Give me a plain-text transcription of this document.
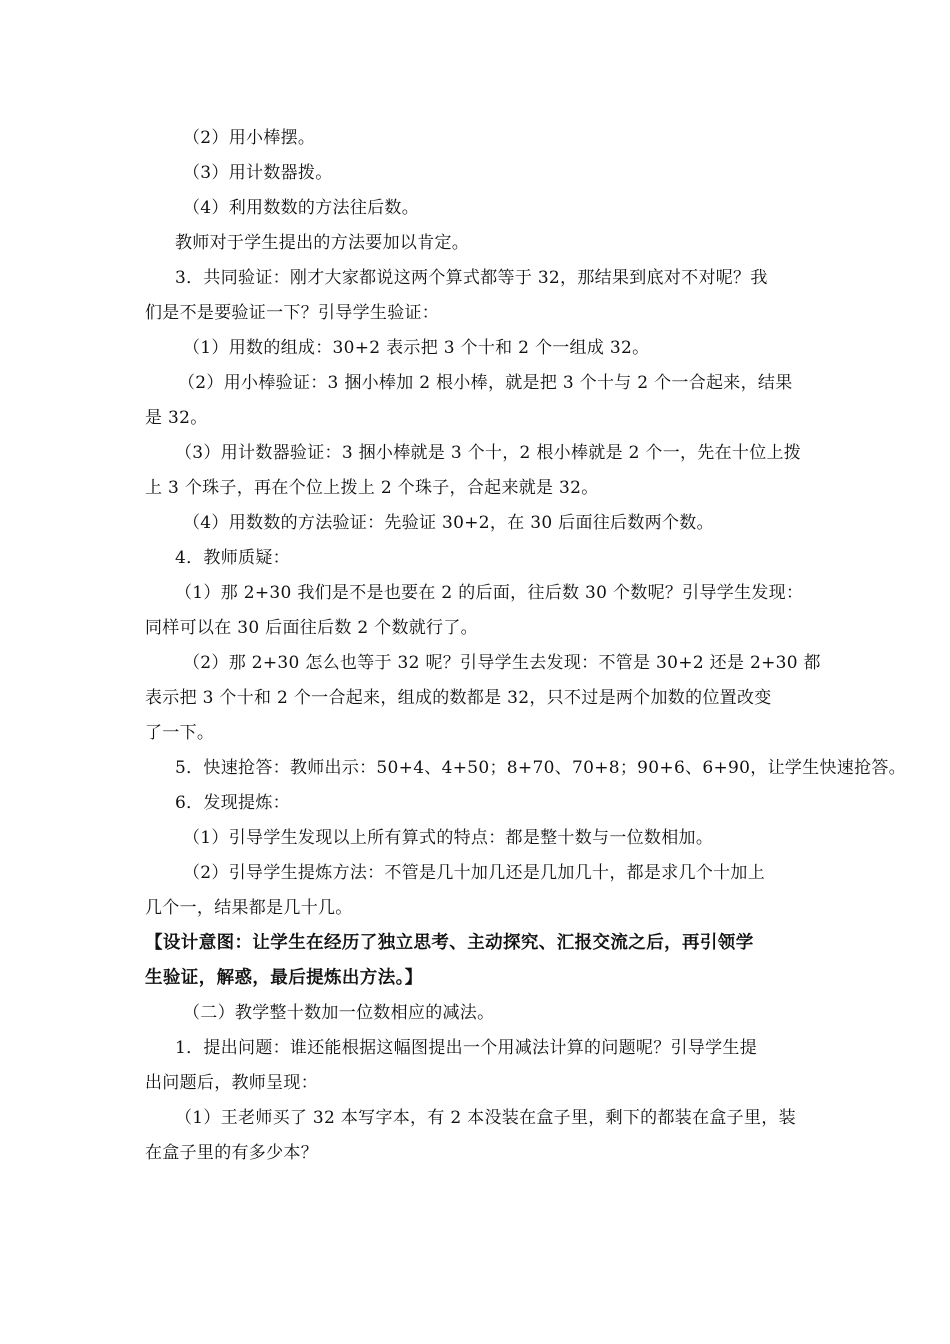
（2）用小棒摆。

（3）用计数器拨。

（4）利用数数的方法往后数。

教师对于学生提出的方法要加以肯定。

3．共同验证：刚才大家都说这两个算式都等于 32，那结果到底对不对呢？我

们是不是要验证一下？引导学生验证：

（1）用数的组成：30+2 表示把 3 个十和 2 个一组成 32。

（2）用小棒验证：3 捆小棒加 2 根小棒，就是把 3 个十与 2 个一合起来，结果

是 32。

（3）用计数器验证：3 捆小棒就是 3 个十，2 根小棒就是 2 个一，先在十位上拨

上 3 个珠子，再在个位上拨上 2 个珠子，合起来就是 32。

（4）用数数的方法验证：先验证 30+2，在 30 后面往后数两个数。

4．教师质疑：

（1）那 2+30 我们是不是也要在 2 的后面，往后数 30 个数呢？引导学生发现：

同样可以在 30 后面往后数 2 个数就行了。

（2）那 2+30 怎么也等于 32 呢？引导学生去发现：不管是 30+2 还是 2+30 都

表示把 3 个十和 2 个一合起来，组成的数都是 32，只不过是两个加数的位置改变

了一下。

5．快速抢答：教师出示：50+4、4+50；8+70、70+8；90+6、6+90，让学生快速抢答。

6．发现提炼：

（1）引导学生发现以上所有算式的特点：都是整十数与一位数相加。

（2）引导学生提炼方法：不管是几十加几还是几加几十，都是求几个十加上

几个一，结果都是几十几。

【设计意图：让学生在经历了独立思考、主动探究、汇报交流之后，再引领学

生验证，解惑，最后提炼出方法。】

（二）教学整十数加一位数相应的减法。

1．提出问题：谁还能根据这幅图提出一个用减法计算的问题呢？引导学生提

出问题后，教师呈现：

（1）王老师买了 32 本写字本，有 2 本没装在盒子里，剩下的都装在盒子里，装

在盒子里的有多少本？
